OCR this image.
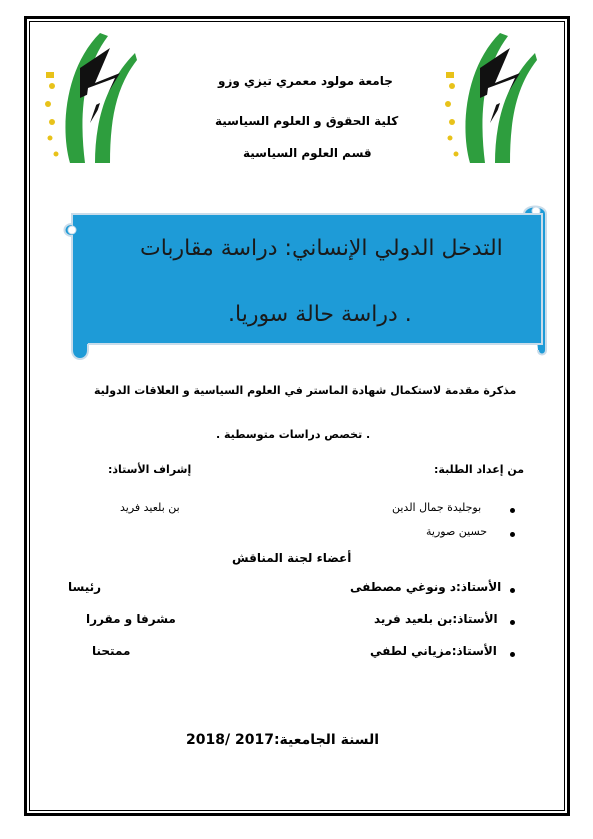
جامعة مولود معمري تيزي وزو
كلية الحقوق و العلوم السياسية
قسم العلوم السياسية
التدخل الدولي الإنساني: دراسة مقاربات
. دراسة حالة سوريا.
مذكرة مقدمة لاستكمال شهادة الماستر في العلوم السياسية و العلاقات الدولية
. تخصص دراسات متوسطية .
من إعداد الطلبة:
إشراف الأستاذ:
بوجليدة جمال الدين
بن بلعيد فريد
حسين صورية
أعضاء لجنة المناقش
الأستاذ:د ونوغي مصطفى
رئيسا
الأستاذ:بن بلعيد فريد
مشرفا و مقررا
الأستاذ:مزياني لطفي
ممتحنا
السنة الجامعية:2017 /2018
